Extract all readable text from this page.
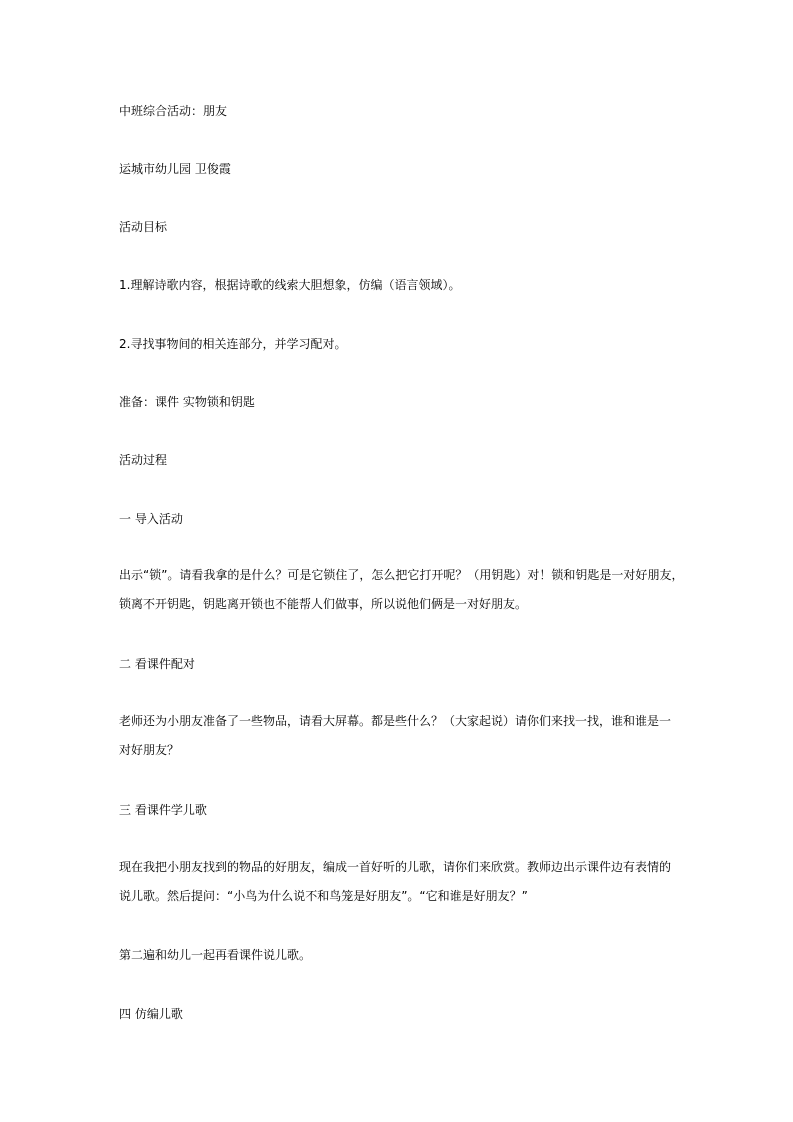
中班综合活动：朋友
运城市幼儿园 卫俊霞
活动目标
1.理解诗歌内容，根据诗歌的线索大胆想象，仿编（语言领域）。
2.寻找事物间的相关连部分，并学习配对。
准备：课件 实物锁和钥匙
活动过程
一 导入活动
出示“锁”。请看我拿的是什么？可是它锁住了，怎么把它打开呢？（用钥匙）对！锁和钥匙是一对好朋友，
锁离不开钥匙，钥匙离开锁也不能帮人们做事，所以说他们俩是一对好朋友。
二 看课件配对
老师还为小朋友准备了一些物品，请看大屏幕。都是些什么？（大家起说）请你们来找一找，谁和谁是一
对好朋友？
三 看课件学儿歌
现在我把小朋友找到的物品的好朋友，编成一首好听的儿歌，请你们来欣赏。教师边出示课件边有表情的
说儿歌。然后提问：“小鸟为什么说不和鸟笼是好朋友”。“它和谁是好朋友？”
第二遍和幼儿一起再看课件说儿歌。
四 仿编儿歌
